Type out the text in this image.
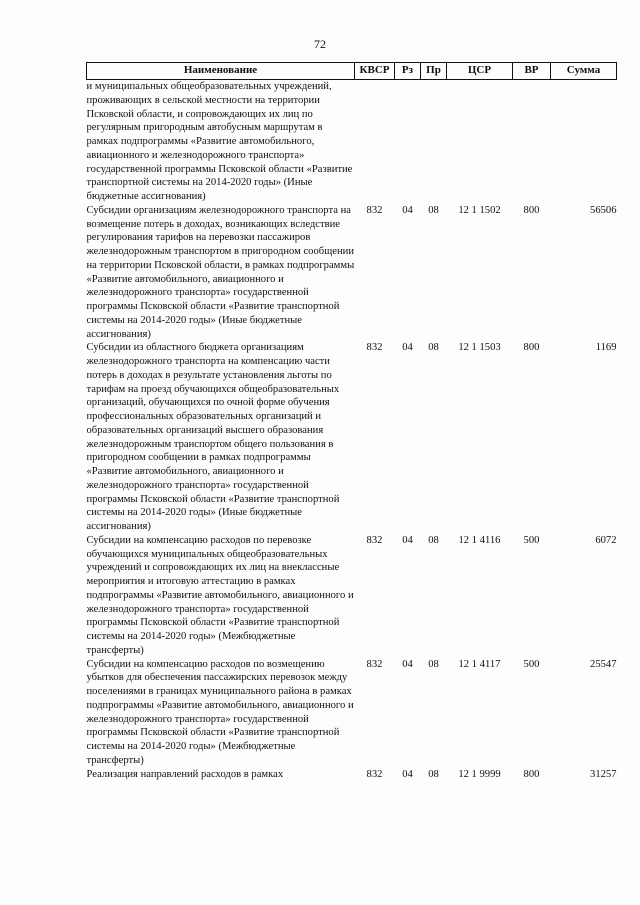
72
Наименование	КВСР	Рз	Пр	ЦСР	ВР	Сумма
и муниципальных общеобразовательных учреждений, проживающих в сельской местности на территории Псковской области, и сопровождающих их лиц по регулярным пригородным автобусным маршрутам в рамках подпрограммы «Развитие автомобильного, авиационного и железнодорожного транспорта» государственной программы Псковской области «Развитие транспортной системы на 2014-2020 годы» (Иные бюджетные ассигнования)						
Субсидии организациям железнодорожного транспорта на возмещение потерь в доходах, возникающих вследствие регулирования тарифов на перевозки пассажиров железнодорожным транспортом в пригородном сообщении на территории Псковской области, в рамках подпрограммы «Развитие автомобильного, авиационного и железнодорожного транспорта» государственной программы Псковской области «Развитие транспортной системы на 2014-2020 годы» (Иные бюджетные ассигнования)	832	04	08	12 1 1502	800	56506
Субсидии из областного бюджета организациям железнодорожного транспорта на компенсацию части потерь в доходах в результате установления льготы по тарифам на проезд обучающихся общеобразовательных организаций, обучающихся по очной форме обучения профессиональных образовательных организаций и образовательных организаций высшего образования железнодорожным транспортом общего пользования в пригородном сообщении в рамках подпрограммы «Развитие автомобильного, авиационного и железнодорожного транспорта» государственной программы Псковской области «Развитие транспортной системы на 2014-2020 годы» (Иные бюджетные ассигнования)	832	04	08	12 1 1503	800	1169
Субсидии на компенсацию расходов по перевозке обучающихся муниципальных общеобразовательных учреждений и сопровождающих их лиц на внеклассные мероприятия и итоговую аттестацию в рамках подпрограммы «Развитие автомобильного, авиационного и железнодорожного транспорта» государственной программы Псковской области «Развитие транспортной системы на 2014-2020 годы» (Межбюджетные трансферты)	832	04	08	12 1 4116	500	6072
Субсидии на компенсацию расходов по возмещению убытков для обеспечения пассажирских перевозок между поселениями в границах муниципального района в рамках подпрограммы «Развитие автомобильного, авиационного и железнодорожного транспорта» государственной программы Псковской области «Развитие транспортной системы на 2014-2020 годы» (Межбюджетные трансферты)	832	04	08	12 1 4117	500	25547
Реализация направлений расходов в рамках	832	04	08	12 1 9999	800	31257
